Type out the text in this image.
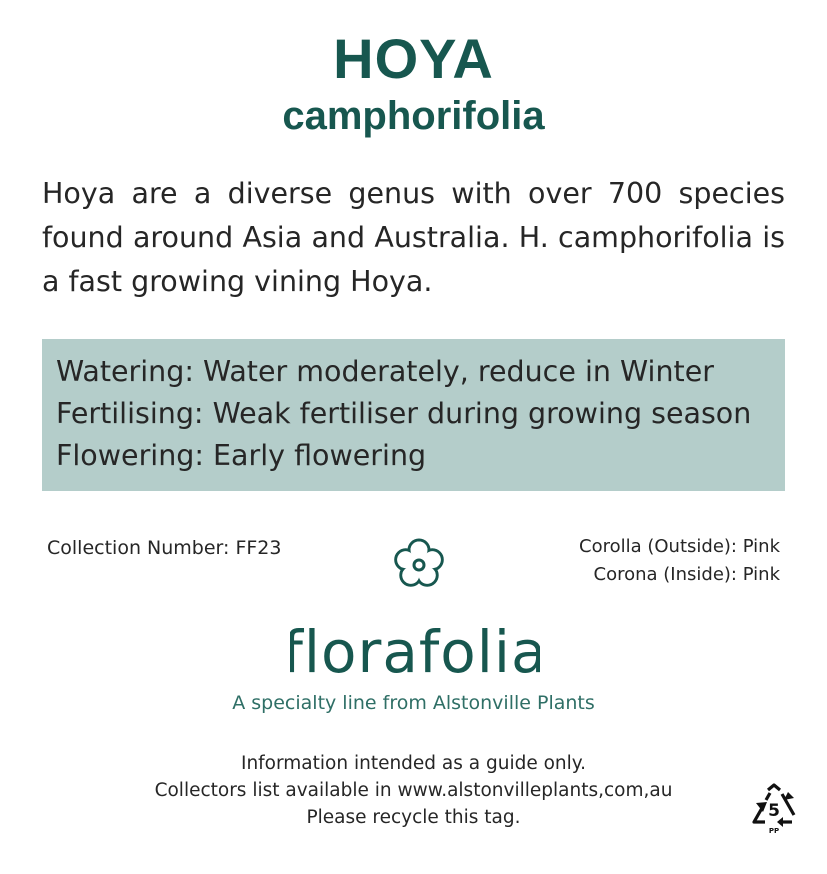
HOYA
camphorifolia
Hoya are a diverse genus with over 700 species found around Asia and Australia. H. camphorifolia is a fast growing vining Hoya.
Watering: Water moderately, reduce in Winter
Fertilising: Weak fertiliser during growing season
Flowering: Early flowering
Collection Number: FF23	Corolla (Outside): Pink
Corona (Inside): Pink
florafolia
A specialty line from Alstonville Plants
Information intended as a guide only.
Collectors list available in www.alstonvilleplants,com,au
Please recycle this tag.	5
PP
